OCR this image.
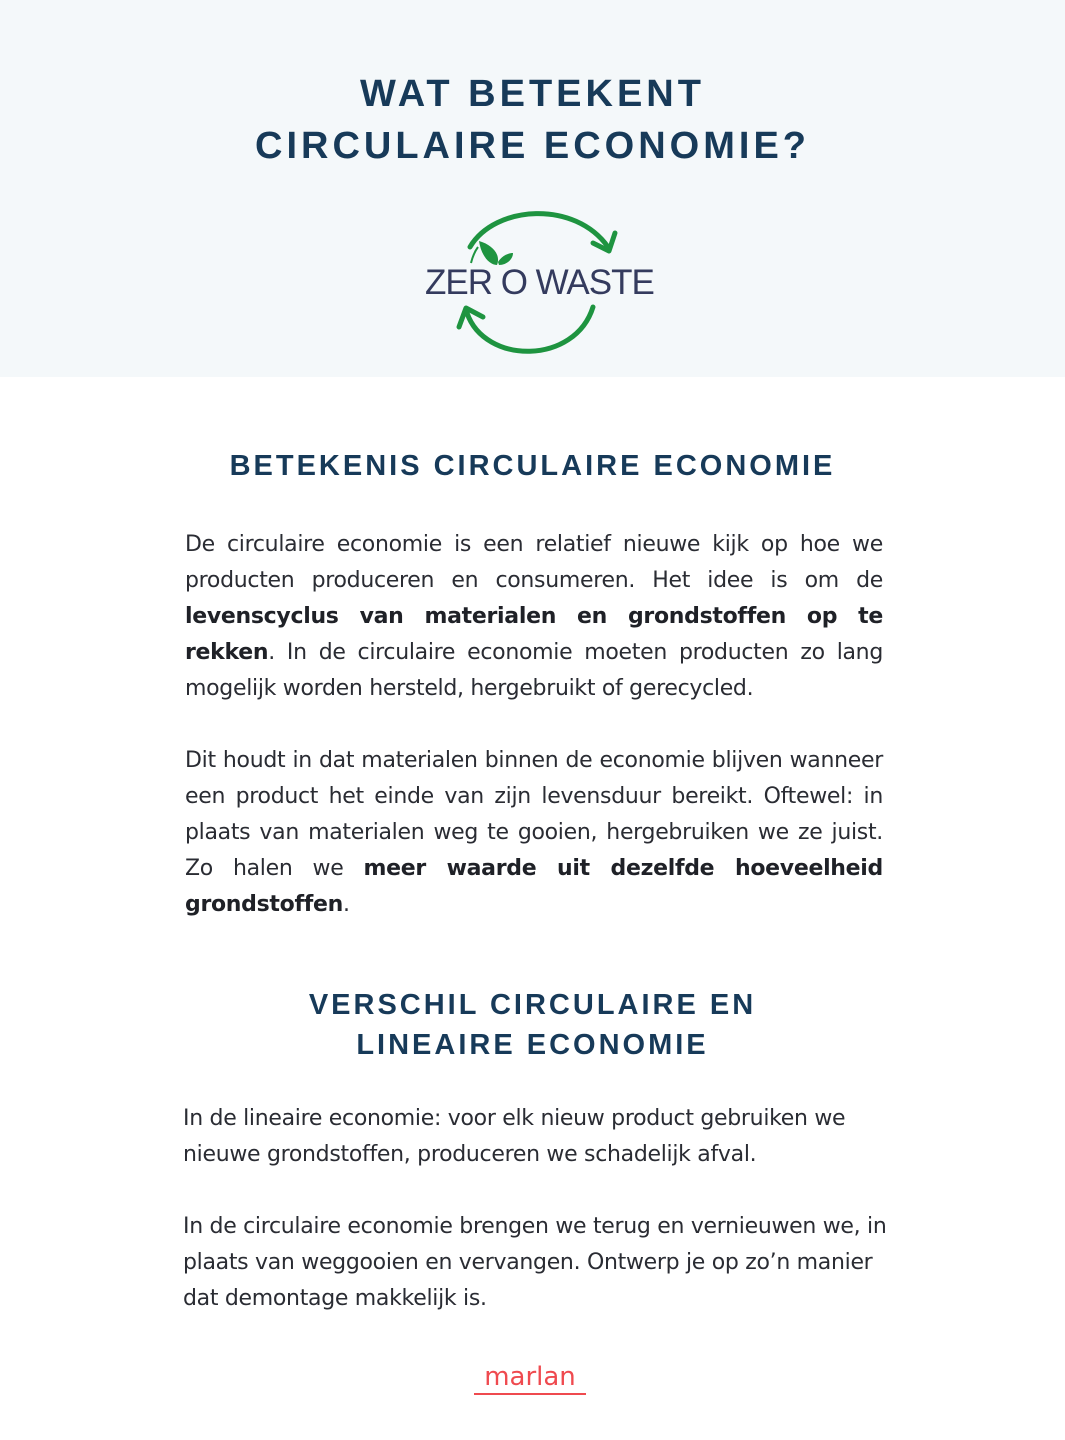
WAT BETEKENT
CIRCULAIRE ECONOMIE?
ZER O WASTE
BETEKENIS CIRCULAIRE ECONOMIE

De circulaire economie is een relatief nieuwe kijk op hoe we producten produceren en consumeren. Het idee is om de levenscyclus van materialen en grondstoffen op te rekken. In de circulaire economie moeten producten zo lang mogelijk worden hersteld, hergebruikt of gerecycled.

Dit houdt in dat materialen binnen de economie blijven wanneer een product het einde van zijn levensduur bereikt. Oftewel: in plaats van materialen weg te gooien, hergebruiken we ze juist. Zo halen we meer waarde uit dezelfde hoeveelheid grondstoffen.

VERSCHIL CIRCULAIRE EN
LINEAIRE ECONOMIE

In de lineaire economie: voor elk nieuw product gebruiken we nieuwe grondstoffen, produceren we schadelijk afval.

In de circulaire economie brengen we terug en vernieuwen we, in plaats van weggooien en vervangen. Ontwerp je op zo’n manier dat demontage makkelijk is.

marlan
